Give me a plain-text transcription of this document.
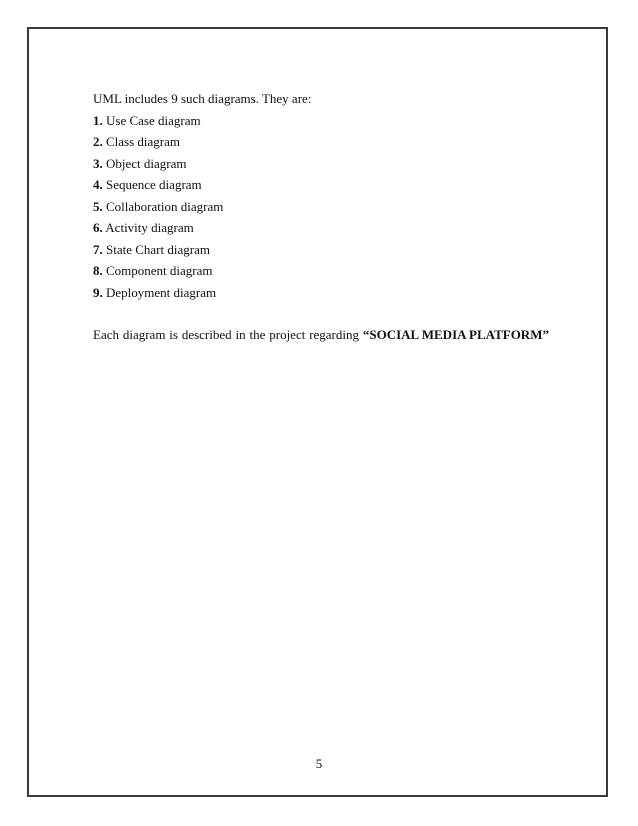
UML includes 9 such diagrams. They are:

1. Use Case diagram

2. Class diagram

3. Object diagram

4. Sequence diagram

5. Collaboration diagram

6. Activity diagram

7. State Chart diagram

8. Component diagram

9. Deployment diagram

Each diagram is described in the project regarding “SOCIAL MEDIA PLATFORM”
5
